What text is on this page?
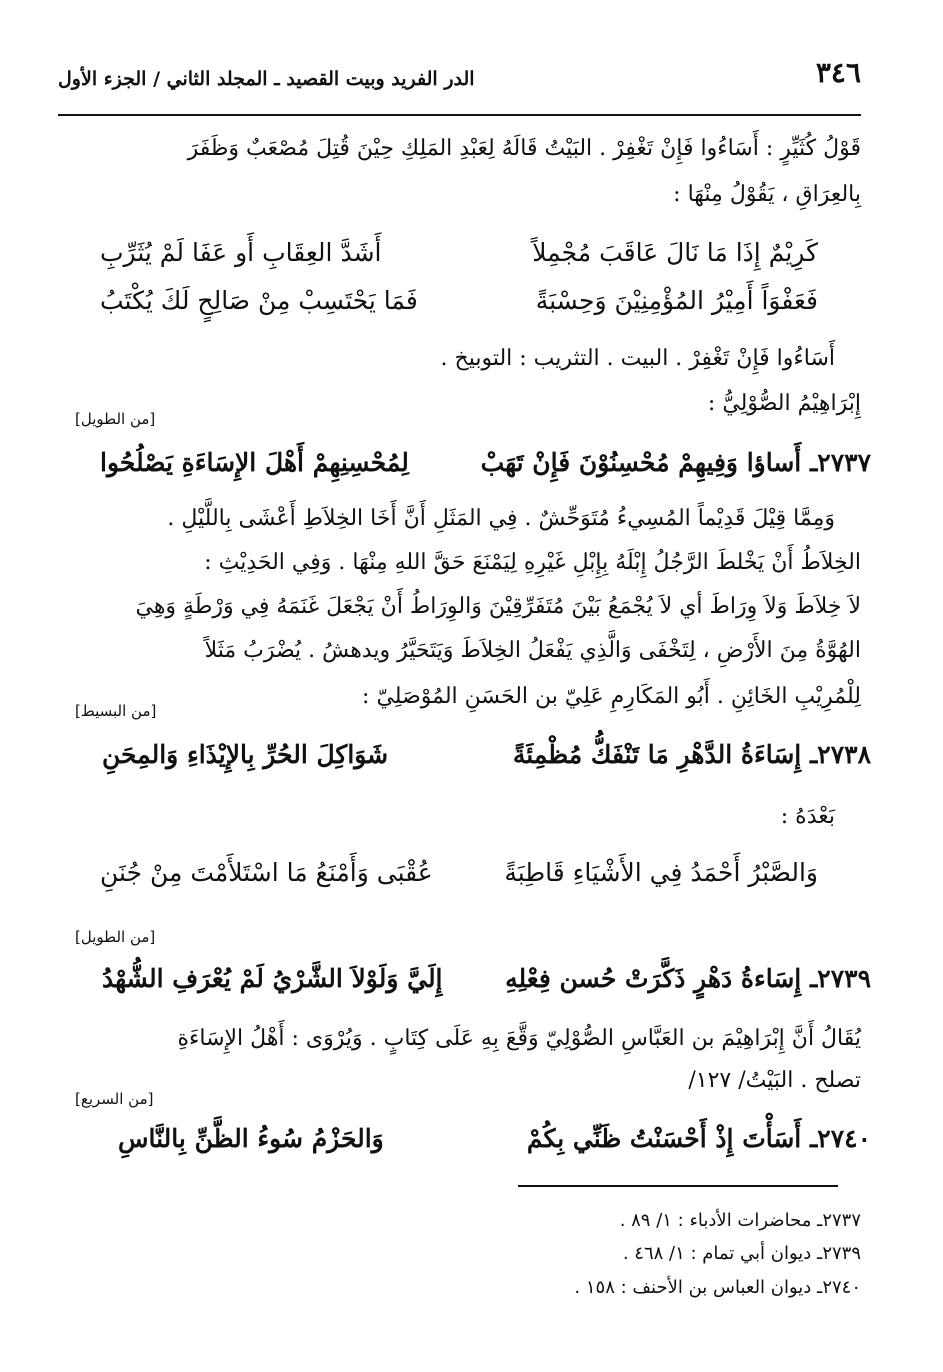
٣٤٦
الدر الفريد وبيت القصيد ـ المجلد الثاني / الجزء الأول
قَوْلُ كُثَيِّرٍ : أَسَاءُوا فَإِنْ تَغْفِرْ . البَيْتُ قَالَهُ لِعَبْدِ المَلِكِ حِيْنَ قُتِلَ مُصْعَبٌ وَظَفَرَ
بِالعِرَاقِ ، يَقُوْلُ مِنْهَا :
كَرِيْمٌ إِذَا مَا نَالَ عَاقَبَ مُجْمِلاً
أَشَدَّ العِقَابِ أَو عَفَا لَمْ يُثَرِّبِ
فَعَفْوَاً أَمِيْرُ المُؤْمِنِيْنَ وَحِسْبَةً
فَمَا يَحْتَسِبْ مِنْ صَالِحٍ لَكَ يُكْتَبُ
أَسَاءُوا فَإِنْ تَغْفِرْ . البيت . التثريب : التوبيخ .
إِبْرَاهِيْمُ الصُّوْلِيُّ :
[من الطويل]
٢٧٣٧ـ أَساؤا وَفِيهِمْ مُحْسِنُوْنَ فَإِنْ تَهَبْ
لِمُحْسِنِهِمْ أَهْلَ الإِسَاءَةِ يَصْلُحُوا
وَمِمَّا قِيْلَ قَدِيْماً المُسِيءُ مُتَوَحِّشٌ . فِي المَثَلِ أَنَّ أَخَا الخِلاَطِ أَعْشَى بِاللَّيْلِ .
الخِلاَطُ أَنْ يَخْلطَ الرَّجُلُ إِبْلَهُ بِإِبْلِ غَيْرِهِ لِيَمْنَعَ حَقَّ اللهِ مِنْهَا . وَفِي الحَدِيْثِ :
لاَ خِلاَطَ وَلاَ وِرَاطَ أي لاَ يُجْمَعُ بَيْنَ مُتَفَرِّقِيْنَ وَالوِرَاطُ أَنْ يَجْعَلَ غَنَمَهُ فِي وَرْطَةٍ وَهِيَ
الهُوَّةُ مِنَ الأَرْضِ ، لِتَخْفَى وَالَّذِي يَفْعَلُ الخِلاَطَ وَيَتَحَيَّرُ ويدهشُ . يُضْرَبُ مَثَلاً
لِلْمُرِيْبِ الخَائِنِ . أَبُو المَكَارِمِ عَلِيّ بن الحَسَنِ المُوْصَلِيّ :
[من البسيط]
٢٧٣٨ـ إِسَاءَةُ الدَّهْرِ مَا تَنْفَكُّ مُظْمِئَةً
شَوَاكِلَ الحُرِّ بِالإِيْذَاءِ وَالمِحَنِ
بَعْدَهُ :
وَالصَّبْرُ أَحْمَدُ فِي الأَشْيَاءِ قَاطِبَةً
عُقْبَى وَأَمْنَعُ مَا اسْتَلأَمْتَ مِنْ جُنَنِ
[من الطويل]
٢٧٣٩ـ إِسَاءةُ دَهْرٍ ذَكَّرَتْ حُسن فِعْلِهِ
إِلَيَّ وَلَوْلاَ الشَّرْيُ لَمْ يُعْرَفِ الشُّهْدُ
يُقَالُ أَنَّ إِبْرَاهِيْمَ بن العَبَّاسِ الصُّوْلِيّ وَقَّعَ بِهِ عَلَى كِتَابٍ . وَيُرْوَى : أَهْلُ الإِسَاءَةِ
تصلح . البَيْتُ/ ١٢٧/
[من السريع]
٢٧٤٠ـ أَسَأْتَ إِذْ أَحْسَنْتُ ظَنِّي بِكُمْ
وَالحَزْمُ سُوءُ الظَّنِّ بِالنَّاسِ
٢٧٣٧ـ محاضرات الأدباء : ١/ ٨٩ .
٢٧٣٩ـ ديوان أبي تمام : ١/ ٤٦٨ .
٢٧٤٠ـ ديوان العباس بن الأحنف : ١٥٨ .
